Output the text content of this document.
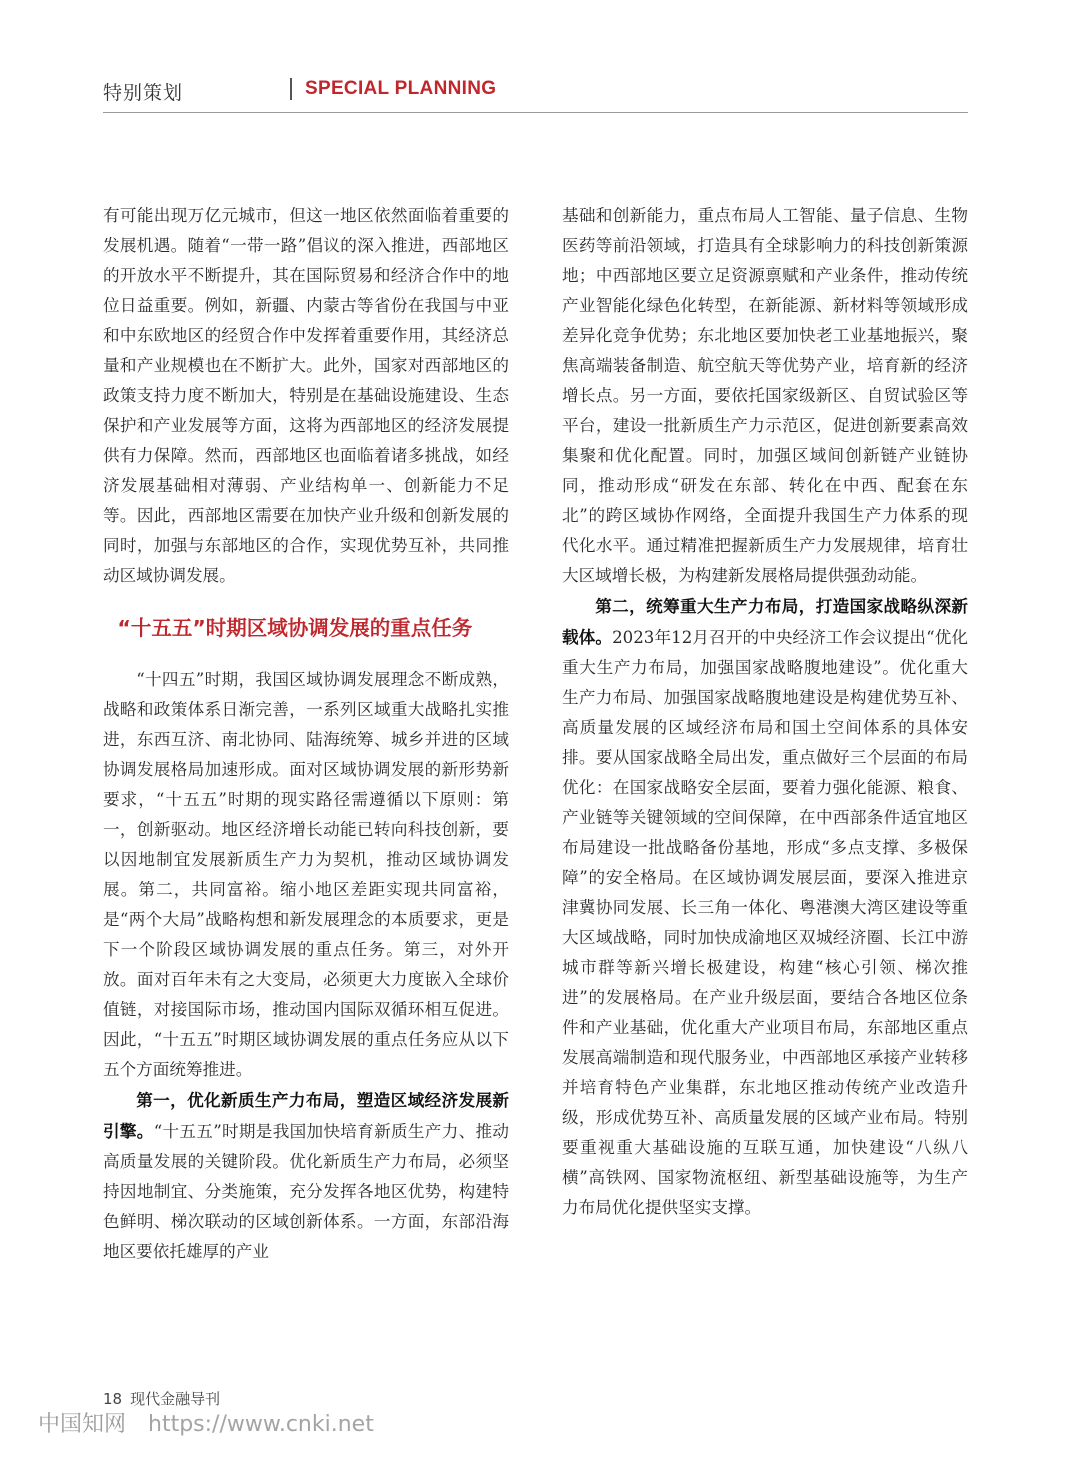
特别策划	SPECIAL PLANNING

有可能出现万亿元城市，但这一地区依然面临着重要的发展机遇。随着“一带一路”倡议的深入推进，西部地区的开放水平不断提升，其在国际贸易和经济合作中的地位日益重要。例如，新疆、内蒙古等省份在我国与中亚和中东欧地区的经贸合作中发挥着重要作用，其经济总量和产业规模也在不断扩大。此外，国家对西部地区的政策支持力度不断加大，特别是在基础设施建设、生态保护和产业发展等方面，这将为西部地区的经济发展提供有力保障。然而，西部地区也面临着诸多挑战，如经济发展基础相对薄弱、产业结构单一、创新能力不足等。因此，西部地区需要在加快产业升级和创新发展的同时，加强与东部地区的合作，实现优势互补，共同推动区域协调发展。

“十五五”时期区域协调发展的重点任务

“十四五”时期，我国区域协调发展理念不断成熟，战略和政策体系日渐完善，一系列区域重大战略扎实推进，东西互济、南北协同、陆海统筹、城乡并进的区域协调发展格局加速形成。面对区域协调发展的新形势新要求，“十五五”时期的现实路径需遵循以下原则：第一，创新驱动。地区经济增长动能已转向科技创新，要以因地制宜发展新质生产力为契机，推动区域协调发展。第二，共同富裕。缩小地区差距实现共同富裕，是“两个大局”战略构想和新发展理念的本质要求，更是下一个阶段区域协调发展的重点任务。第三，对外开放。面对百年未有之大变局，必须更大力度嵌入全球价值链，对接国际市场，推动国内国际双循环相互促进。因此，“十五五”时期区域协调发展的重点任务应从以下五个方面统筹推进。

第一，优化新质生产力布局，塑造区域经济发展新引擎。“十五五”时期是我国加快培育新质生产力、推动高质量发展的关键阶段。优化新质生产力布局，必须坚持因地制宜、分类施策，充分发挥各地区优势，构建特色鲜明、梯次联动的区域创新体系。一方面，东部沿海地区要依托雄厚的产业

基础和创新能力，重点布局人工智能、量子信息、生物医药等前沿领域，打造具有全球影响力的科技创新策源地；中西部地区要立足资源禀赋和产业条件，推动传统产业智能化绿色化转型，在新能源、新材料等领域形成差异化竞争优势；东北地区要加快老工业基地振兴，聚焦高端装备制造、航空航天等优势产业，培育新的经济增长点。另一方面，要依托国家级新区、自贸试验区等平台，建设一批新质生产力示范区，促进创新要素高效集聚和优化配置。同时，加强区域间创新链产业链协同，推动形成“研发在东部、转化在中西、配套在东北”的跨区域协作网络，全面提升我国生产力体系的现代化水平。通过精准把握新质生产力发展规律，培育壮大区域增长极，为构建新发展格局提供强劲动能。

第二，统筹重大生产力布局，打造国家战略纵深新载体。2023年12月召开的中央经济工作会议提出“优化重大生产力布局，加强国家战略腹地建设”。优化重大生产力布局、加强国家战略腹地建设是构建优势互补、高质量发展的区域经济布局和国土空间体系的具体安排。要从国家战略全局出发，重点做好三个层面的布局优化：在国家战略安全层面，要着力强化能源、粮食、产业链等关键领域的空间保障，在中西部条件适宜地区布局建设一批战略备份基地，形成“多点支撑、多极保障”的安全格局。在区域协调发展层面，要深入推进京津冀协同发展、长三角一体化、粤港澳大湾区建设等重大区域战略，同时加快成渝地区双城经济圈、长江中游城市群等新兴增长极建设，构建“核心引领、梯次推进”的发展格局。在产业升级层面，要结合各地区位条件和产业基础，优化重大产业项目布局，东部地区重点发展高端制造和现代服务业，中西部地区承接产业转移并培育特色产业集群，东北地区推动传统产业改造升级，形成优势互补、高质量发展的区域产业布局。特别要重视重大基础设施的互联互通，加快建设“八纵八横”高铁网、国家物流枢纽、新型基础设施等，为生产力布局优化提供坚实支撑。

18 现代金融导刊
中国知网 https://www.cnki.net
